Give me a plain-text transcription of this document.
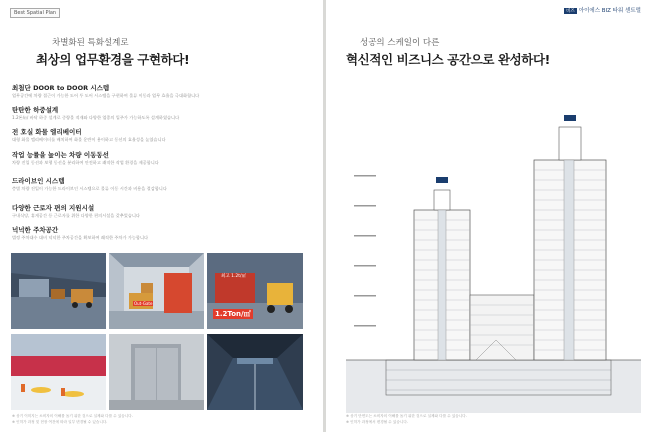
Best Spatial Plan
차별화된 특화설계로
최상의 업무환경을 구현하다!
최첨단 DOOR to DOOR 시스템
업무공간에 차량 접근이 가능한 도어 투 도어 시스템을 구현하여 물류 이동과 업무 효율을 극대화합니다
탄탄한 하중설계
1.2톤/㎡ 바닥 하중 설계로 중량물 적재와 다양한 업종의 입주가 가능하도록 설계하였습니다
전 호실 화물 엘리베이터
대형 화물 엘리베이터를 배치하여 화물 운반이 용이하고 동선의 효율성을 높였습니다
작업 능률을 높이는 차량 이동동선
차량 진입 동선과 보행 동선을 분리하여 안전하고 쾌적한 작업 환경을 제공합니다
드라이브인 시스템
층별 차량 진입이 가능한 드라이브인 시스템으로 물류 이동 시간과 비용을 절감합니다
다양한 근로자 편의 지원시설
구내식당, 휴게공간 등 근로자를 위한 다양한 편의시설을 갖추었습니다
넉넉한 주차공간
법정 주차대수 대비 넉넉한 주차공간을 확보하여 쾌적한 주차가 가능합니다
Out-Gate
최고 1.2t/㎡
1.2Ton/㎡
※ 상기 이미지는 소비자의 이해를 돕기 위한 것으로 실제와 다를 수 있습니다.
※ 인허가 과정 및 현장 여건에 따라 일부 변경될 수 있습니다.
비즈 아이에스 BIZ 타워 센트럴
성공의 스케일이 다른
혁신적인 비즈니스 공간으로 완성하다!
※ 상기 단면도는 소비자의 이해를 돕기 위한 것으로 실제와 다를 수 있습니다.
※ 인허가 과정에서 변경될 수 있습니다.
